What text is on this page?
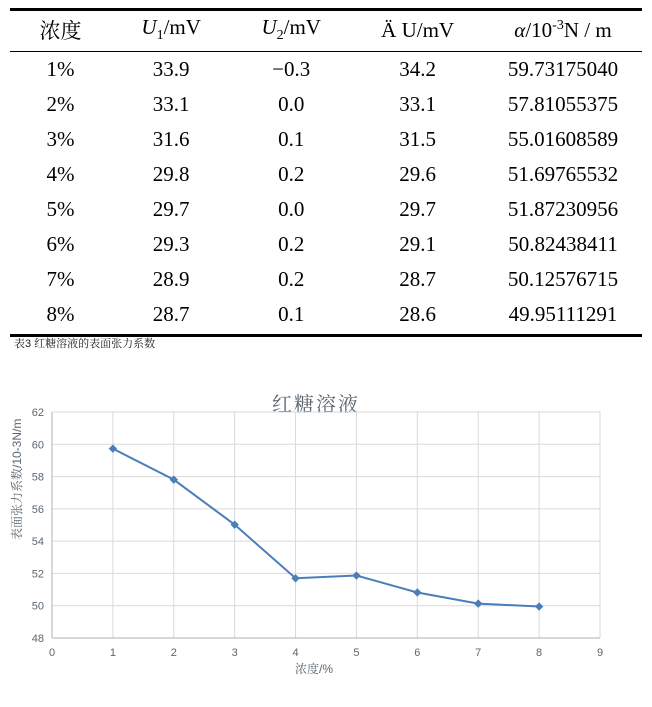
浓度	$U_1/mV$	$U_2/mV$	Ä U/mV	$\alpha/10^{-3}N$ / m
1%	33.9	−0.3	34.2	59.73175040
2%	33.1	0.0	33.1	57.81055375
3%	31.6	0.1	31.5	55.01608589
4%	29.8	0.2	29.6	51.69765532
5%	29.7	0.0	29.7	51.87230956
6%	29.3	0.2	29.1	50.82438411
7%	28.9	0.2	28.7	50.12576715
8%	28.7	0.1	28.6	49.95111291
表3 红糖溶液的表面张力系数
红糖溶液
表面张力系数/10-3N/m
浓度/%
48
50
52
54
56
58
60
62
0	1	2	3	4	5	6	7	8	9
